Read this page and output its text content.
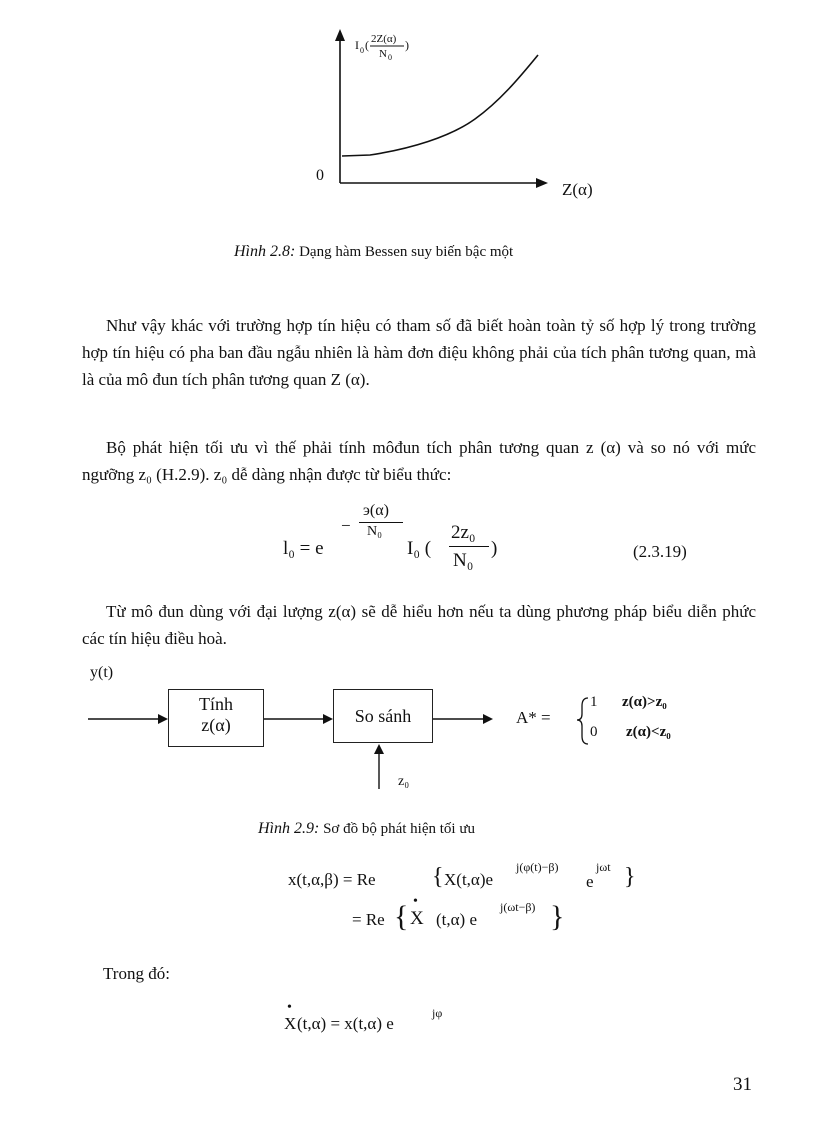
I 0 ( 2Z(α)
N 0
)
0
Z(α)
Hình 2.8: Dạng hàm Bessen suy biến bậc một

Như vậy khác với trường hợp tín hiệu có tham số đã biết hoàn toàn tỷ số hợp lý trong trường hợp tín hiệu có pha ban đầu ngẫu nhiên là hàm đơn điệu không phải của tích phân tương quan, mà là của mô đun tích phân tương quan Z (α).

Bộ phát hiện tối ưu vì thế phải tính môđun tích phân tương quan z (α) và so nó với mức ngưỡng z₀ (H.2.9). z₀ dễ dàng nhận được từ biểu thức:

l₀ = e
−
э(α)
N₀
I₀ (
2z₀
N₀
)	(2.3.19)

Từ mô đun dùng với đại lượng z(α) sẽ dễ hiểu hơn nếu ta dùng phương pháp biểu diễn phức các tín hiệu điều hoà.

y(t)
Tính
z(α)	So sánh
z₀
A* =
1 z(α)>z₀
0 z(α)<z₀
Hình 2.9: Sơ đồ bộ phát hiện tối ưu
x(t,α,β) = Re { X(t,α)e
j(φ(t)−β)
e
jωt }
= Re { •
X (t,α) e
j(ωt−β) }
Trong đó:
•
X (t,α) = x(t,α) e
jφ
31
